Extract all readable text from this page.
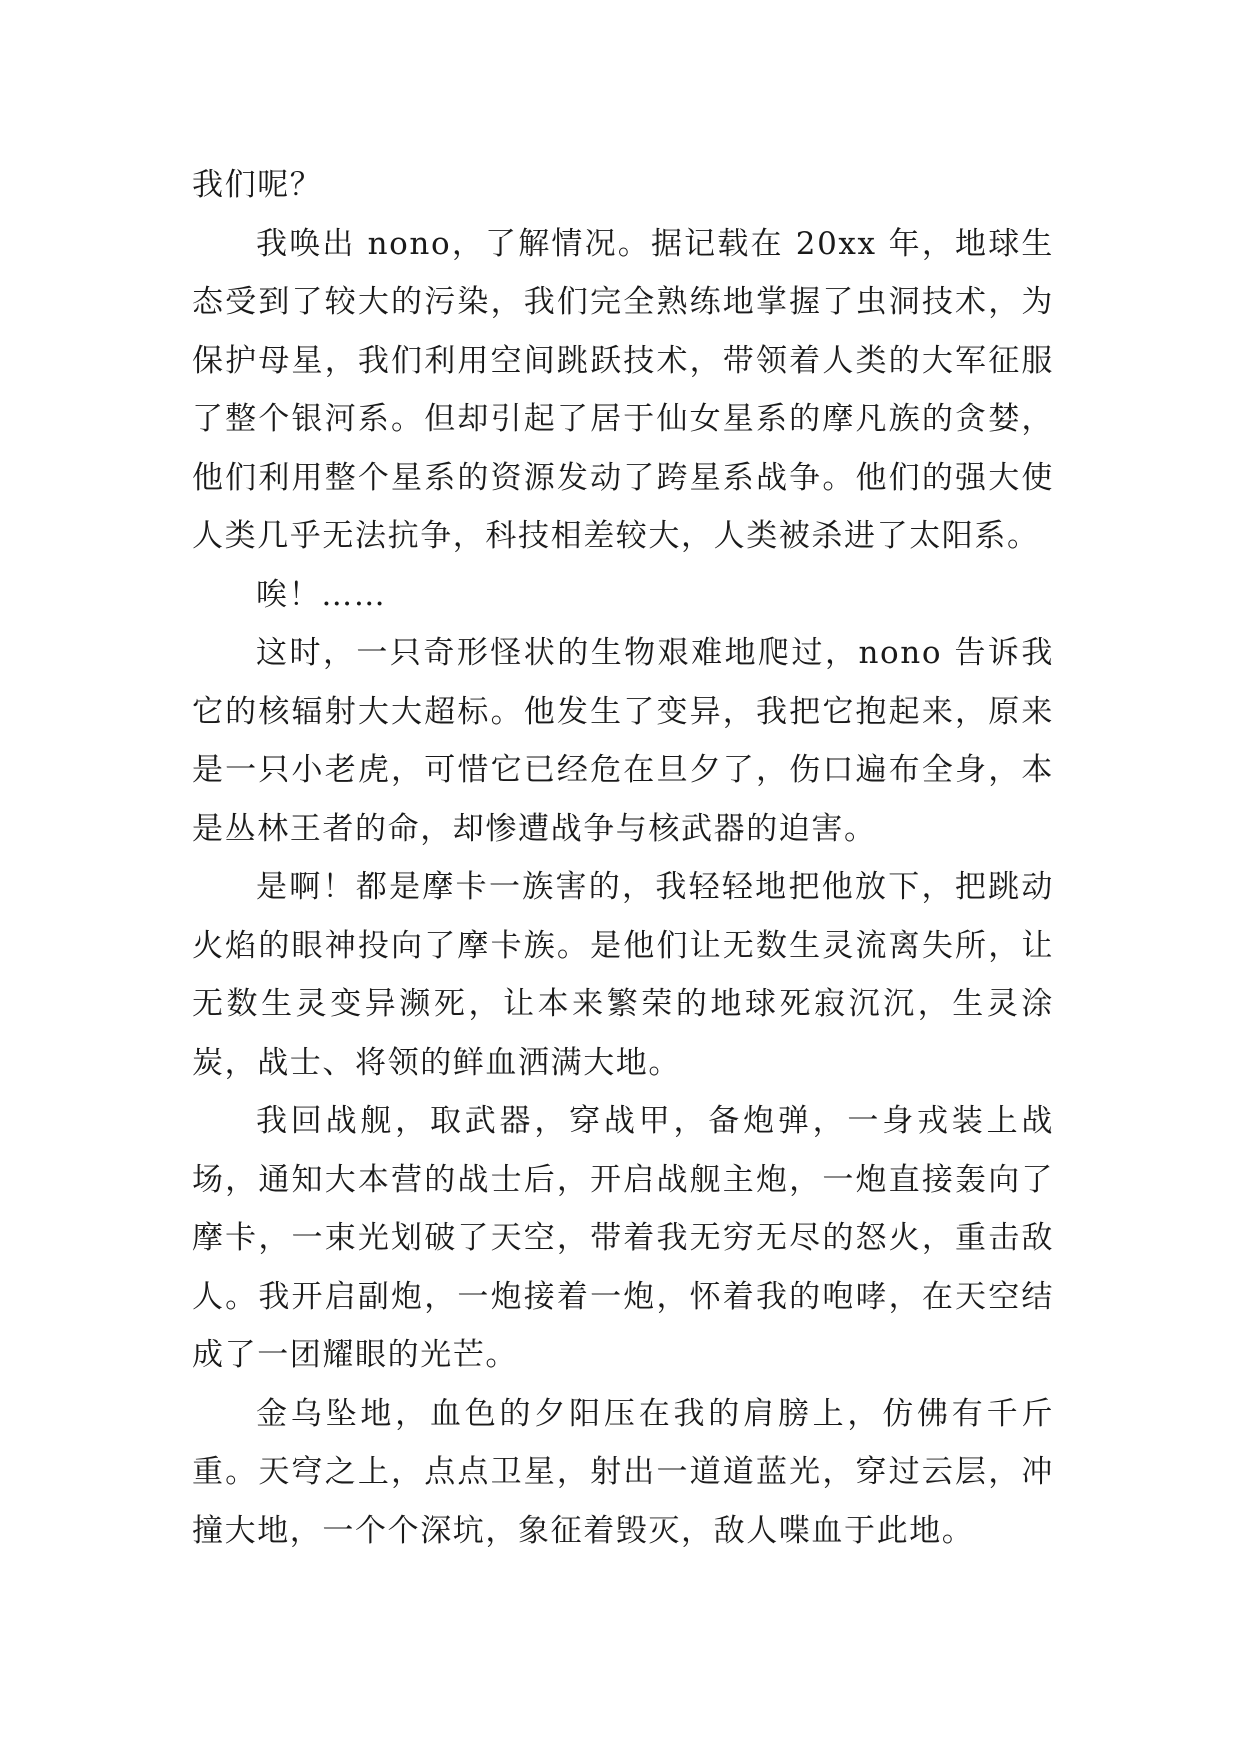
我们呢？

我唤出 nono，了解情况。据记载在 20xx 年，地球生态受到了较大的污染，我们完全熟练地掌握了虫洞技术，为保护母星，我们利用空间跳跃技术，带领着人类的大军征服了整个银河系。但却引起了居于仙女星系的摩凡族的贪婪，他们利用整个星系的资源发动了跨星系战争。他们的强大使人类几乎无法抗争，科技相差较大，人类被杀进了太阳系。

唉！……

这时，一只奇形怪状的生物艰难地爬过，nono 告诉我它的核辐射大大超标。他发生了变异，我把它抱起来，原来是一只小老虎，可惜它已经危在旦夕了，伤口遍布全身，本是丛林王者的命，却惨遭战争与核武器的迫害。

是啊！都是摩卡一族害的，我轻轻地把他放下，把跳动火焰的眼神投向了摩卡族。是他们让无数生灵流离失所，让无数生灵变异濒死，让本来繁荣的地球死寂沉沉，生灵涂炭，战士、将领的鲜血洒满大地。

我回战舰，取武器，穿战甲，备炮弹，一身戎装上战场，通知大本营的战士后，开启战舰主炮，一炮直接轰向了摩卡，一束光划破了天空，带着我无穷无尽的怒火，重击敌人。我开启副炮，一炮接着一炮，怀着我的咆哮，在天空结成了一团耀眼的光芒。

金乌坠地，血色的夕阳压在我的肩膀上，仿佛有千斤重。天穹之上，点点卫星，射出一道道蓝光，穿过云层，冲撞大地，一个个深坑，象征着毁灭，敌人喋血于此地。
